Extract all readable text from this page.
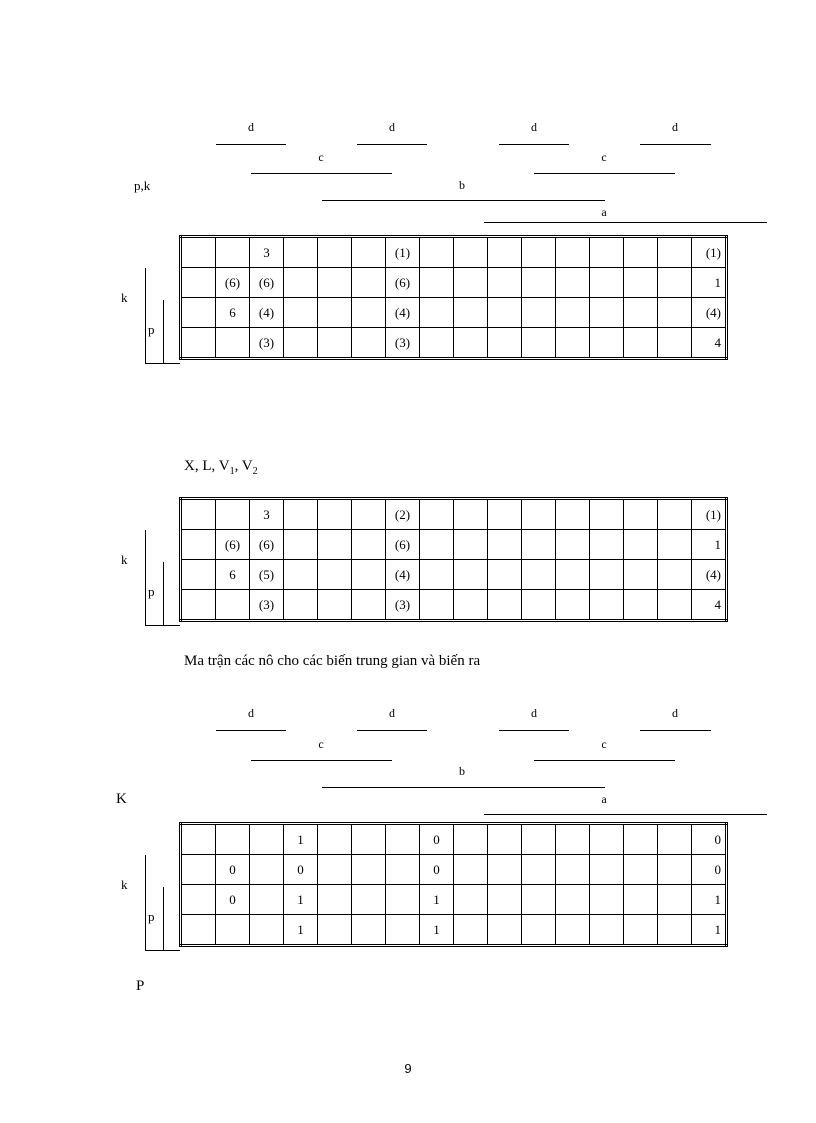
d	d	d	d
c	c
p,k	b
a
k
p
		3				(1)									(1)
	(6)	(6)				(6)									1
	6	(4)				(4)									(4)
		(3)				(3)									4
X, L, $V_1$, $V_2$
k
p
		3				(2)									(1)
	(6)	(6)				(6)									1
	6	(5)				(4)									(4)
		(3)				(3)									4
Ma trận các nô cho các biến trung gian và biến ra
d	d	d	d
c	c
b
K	a
k
p
			1				0								0
	0		0				0								0
	0		1				1								1
			1				1								1
P
9
